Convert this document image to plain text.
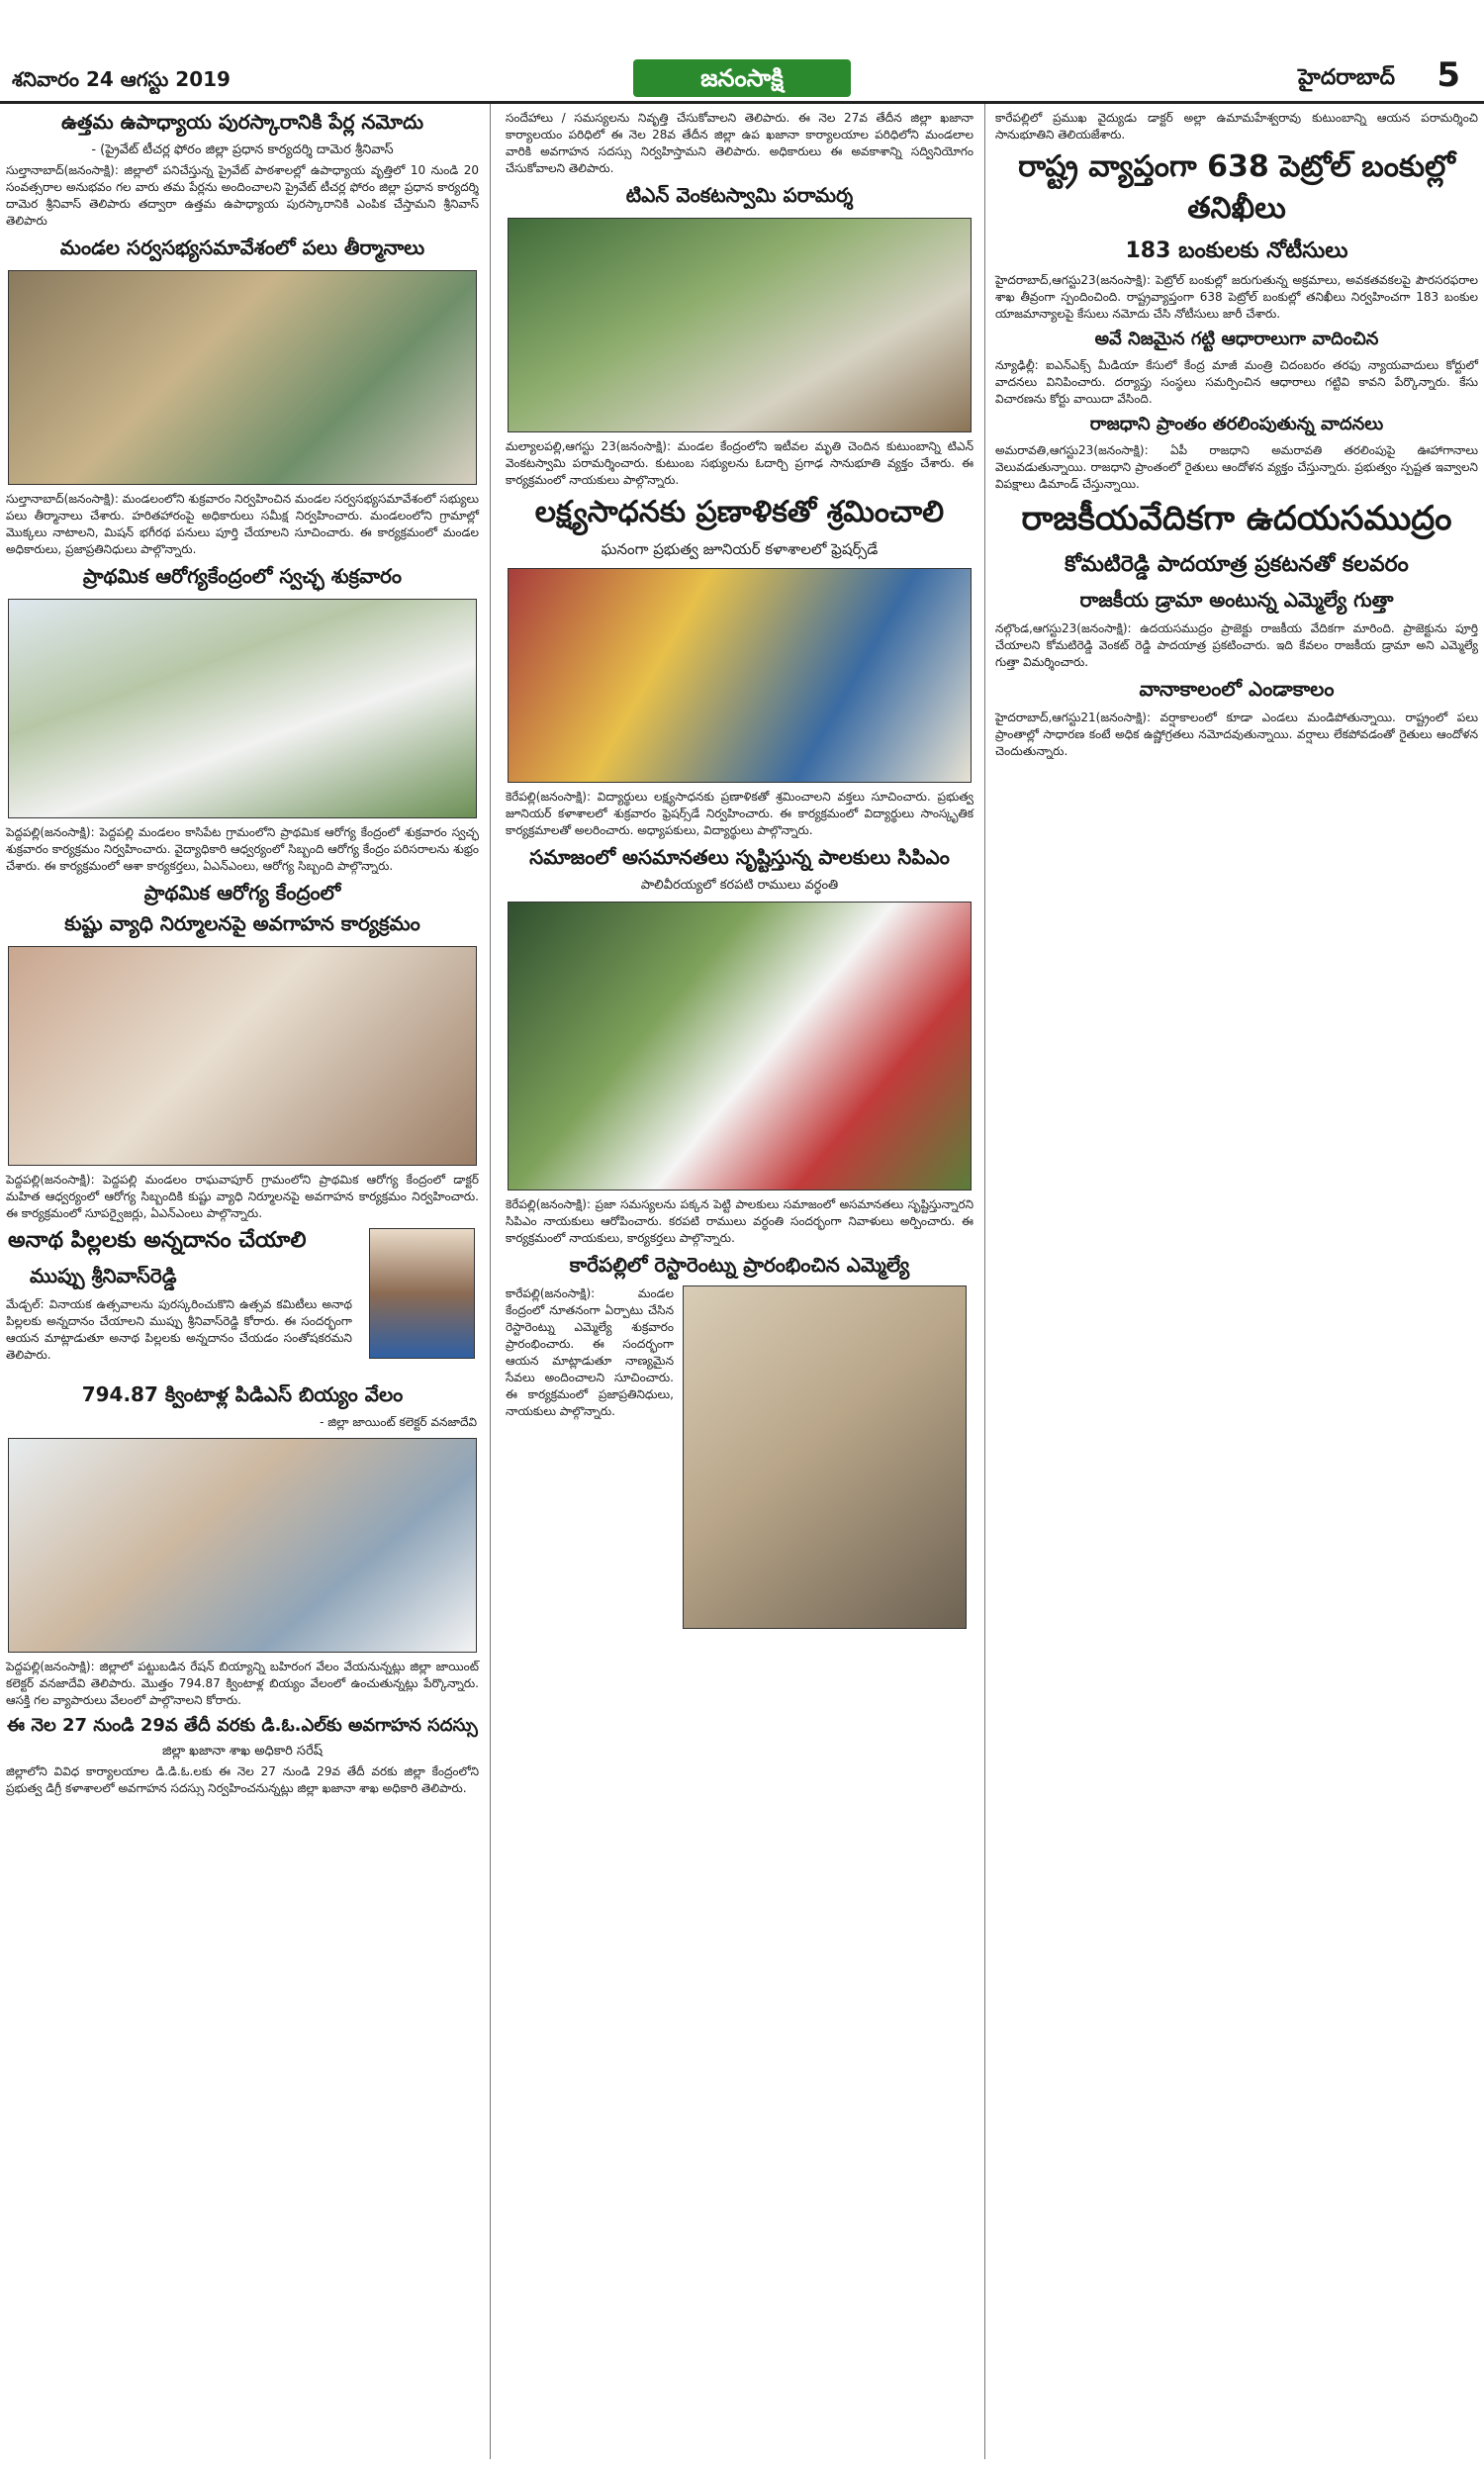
శనివారం 24 ఆగస్టు 2019	జనంసాక్షి	హైదరాబాద్ 5
ఉత్తమ ఉపాధ్యాయ పురస్కారానికి పేర్ల నమోదు
- (ప్రైవేట్ టీచర్ల ఫోరం జిల్లా ప్రధాన కార్యదర్శి దామెర శ్రీనివాస్
సుల్తానాబాద్(జనంసాక్షి): జిల్లాలో పనిచేస్తున్న ప్రైవేట్ పాఠశాలల్లో ఉపాధ్యాయ వృత్తిలో 10 నుండి 20 సంవత్సరాల అనుభవం గల వారు తమ పేర్లను అందించాలని ప్రైవేట్ టీచర్ల ఫోరం జిల్లా ప్రధాన కార్యదర్శి దామెర శ్రీనివాస్ తెలిపారు తద్వారా ఉత్తమ ఉపాధ్యాయ పురస్కారానికి ఎంపిక చేస్తామని శ్రీనివాస్ తెలిపారు
మండల సర్వసభ్యసమావేశంలో పలు తీర్మానాలు
సుల్తానాబాద్(జనంసాక్షి): మండలంలోని శుక్రవారం నిర్వహించిన మండల సర్వసభ్యసమావేశంలో సభ్యులు పలు తీర్మానాలు చేశారు. హరితహారంపై అధికారులు సమీక్ష నిర్వహించారు. మండలంలోని గ్రామాల్లో మొక్కలు నాటాలని, మిషన్ భగీరథ పనులు పూర్తి చేయాలని సూచించారు. ఈ కార్యక్రమంలో మండల అధికారులు, ప్రజాప్రతినిధులు పాల్గొన్నారు.
ప్రాథమిక ఆరోగ్యకేంద్రంలో స్వచ్ఛ శుక్రవారం
పెద్దపల్లి(జనంసాక్షి): పెద్దపల్లి మండలం కాసిపేట గ్రామంలోని ప్రాథమిక ఆరోగ్య కేంద్రంలో శుక్రవారం స్వచ్ఛ శుక్రవారం కార్యక్రమం నిర్వహించారు. వైద్యాధికారి ఆధ్వర్యంలో సిబ్బంది ఆరోగ్య కేంద్రం పరిసరాలను శుభ్రం చేశారు. ఈ కార్యక్రమంలో ఆశా కార్యకర్తలు, ఏఎన్ఎంలు, ఆరోగ్య సిబ్బంది పాల్గొన్నారు.
ప్రాథమిక ఆరోగ్య కేంద్రంలో
కుష్టు వ్యాధి నిర్మూలనపై అవగాహన కార్యక్రమం
పెద్దపల్లి(జనంసాక్షి): పెద్దపల్లి మండలం రాఘవాపూర్ గ్రామంలోని ప్రాథమిక ఆరోగ్య కేంద్రంలో డాక్టర్ మహిత ఆధ్వర్యంలో ఆరోగ్య సిబ్బందికి కుష్టు వ్యాధి నిర్మూలనపై అవగాహన కార్యక్రమం నిర్వహించారు. ఈ కార్యక్రమంలో సూపర్వైజర్లు, ఏఎన్ఎంలు పాల్గొన్నారు.
అనాథ పిల్లలకు అన్నదానం చేయాలి
ముప్పు శ్రీనివాస్‌రెడ్డి
మేడ్చల్: వినాయక ఉత్సవాలను పురస్కరించుకొని ఉత్సవ కమిటీలు అనాథ పిల్లలకు అన్నదానం చేయాలని ముప్పు శ్రీనివాస్‌రెడ్డి కోరారు. ఈ సందర్భంగా ఆయన మాట్లాడుతూ అనాథ పిల్లలకు అన్నదానం చేయడం సంతోషకరమని తెలిపారు.
794.87 క్వింటాళ్ల పిడిఎస్ బియ్యం వేలం
- జిల్లా జాయింట్ కలెక్టర్ వనజాదేవి
పెద్దపల్లి(జనంసాక్షి): జిల్లాలో పట్టుబడిన రేషన్ బియ్యాన్ని బహిరంగ వేలం వేయనున్నట్లు జిల్లా జాయింట్ కలెక్టర్ వనజాదేవి తెలిపారు. మొత్తం 794.87 క్వింటాళ్ల బియ్యం వేలంలో ఉంచుతున్నట్లు పేర్కొన్నారు. ఆసక్తి గల వ్యాపారులు వేలంలో పాల్గొనాలని కోరారు.
ఈ నెల 27 నుండి 29వ తేదీ వరకు డి.ఓ.ఎల్‌కు అవగాహన సదస్సు
జిల్లా ఖజానా శాఖ అధికారి సరేష్
జిల్లాలోని వివిధ కార్యాలయాల డి.డి.ఓ.లకు ఈ నెల 27 నుండి 29వ తేదీ వరకు జిల్లా కేంద్రంలోని ప్రభుత్వ డిగ్రీ కళాశాలలో అవగాహన సదస్సు నిర్వహించనున్నట్లు జిల్లా ఖజానా శాఖ అధికారి తెలిపారు.
సందేహాలు / సమస్యలను నివృత్తి చేసుకోవాలని తెలిపారు. ఈ నెల 27వ తేదీన జిల్లా ఖజానా కార్యాలయం పరిధిలో ఈ నెల 28వ తేదీన జిల్లా ఉప ఖజానా కార్యాలయాల పరిధిలోని మండలాల వారికి అవగాహన సదస్సు నిర్వహిస్తామని తెలిపారు. అధికారులు ఈ అవకాశాన్ని సద్వినియోగం చేసుకోవాలని తెలిపారు.
టిఎన్ వెంకటస్వామి పరామర్శ
మల్యాలపల్లి,ఆగస్టు 23(జనంసాక్షి): మండల కేంద్రంలోని ఇటీవల మృతి చెందిన కుటుంబాన్ని టిఎన్ వెంకటస్వామి పరామర్శించారు. కుటుంబ సభ్యులను ఓదార్చి ప్రగాఢ సానుభూతి వ్యక్తం చేశారు. ఈ కార్యక్రమంలో నాయకులు పాల్గొన్నారు.
లక్ష్యసాధనకు ప్రణాళికతో శ్రమించాలి
ఘనంగా ప్రభుత్వ జూనియర్ కళాశాలలో ఫ్రెషర్స్‌డే
కెరేపల్లి(జనంసాక్షి): విద్యార్థులు లక్ష్యసాధనకు ప్రణాళికతో శ్రమించాలని వక్తలు సూచించారు. ప్రభుత్వ జూనియర్ కళాశాలలో శుక్రవారం ఫ్రెషర్స్‌డే నిర్వహించారు. ఈ కార్యక్రమంలో విద్యార్థులు సాంస్కృతిక కార్యక్రమాలతో అలరించారు. అధ్యాపకులు, విద్యార్థులు పాల్గొన్నారు.
సమాజంలో అసమానతలు సృష్టిస్తున్న పాలకులు సిపిఎం
పాలివీరయ్యలో కరపటి రాములు వర్ధంతి
కెరేపల్లి(జనంసాక్షి): ప్రజా సమస్యలను పక్కన పెట్టి పాలకులు సమాజంలో అసమానతలు సృష్టిస్తున్నారని సిపిఎం నాయకులు ఆరోపించారు. కరపటి రాములు వర్ధంతి సందర్భంగా నివాళులు అర్పించారు. ఈ కార్యక్రమంలో నాయకులు, కార్యకర్తలు పాల్గొన్నారు.
కారేపల్లిలో రెస్టారెంట్ను ప్రారంభించిన ఎమ్మెల్యే
కారేపల్లి(జనంసాక్షి): మండల కేంద్రంలో నూతనంగా ఏర్పాటు చేసిన రెస్టారెంట్ను ఎమ్మెల్యే శుక్రవారం ప్రారంభించారు. ఈ సందర్భంగా ఆయన మాట్లాడుతూ నాణ్యమైన సేవలు అందించాలని సూచించారు. ఈ కార్యక్రమంలో ప్రజాప్రతినిధులు, నాయకులు పాల్గొన్నారు.
కారేపల్లిలో ప్రముఖ వైద్యుడు డాక్టర్ అల్లా ఉమామహేశ్వరావు కుటుంబాన్ని ఆయన పరామర్శించి సానుభూతిని తెలియజేశారు.
రాష్ట్ర వ్యాప్తంగా 638 పెట్రోల్ బంకుల్లో తనిఖీలు
183 బంకులకు నోటీసులు
హైదరాబాద్,ఆగస్టు23(జనంసాక్షి): పెట్రోల్ బంకుల్లో జరుగుతున్న అక్రమాలు, అవకతవకలపై పౌరసరఫరాల శాఖ తీవ్రంగా స్పందించింది. రాష్ట్రవ్యాప్తంగా 638 పెట్రోల్ బంకుల్లో తనిఖీలు నిర్వహించగా 183 బంకుల యాజమాన్యాలపై కేసులు నమోదు చేసి నోటీసులు జారీ చేశారు.
అవే నిజమైన గట్టి ఆధారాలుగా వాదించిన
న్యూఢిల్లీ: ఐఎన్ఎక్స్ మీడియా కేసులో కేంద్ర మాజీ మంత్రి చిదంబరం తరఫు న్యాయవాదులు కోర్టులో వాదనలు వినిపించారు. దర్యాప్తు సంస్థలు సమర్పించిన ఆధారాలు గట్టివి కావని పేర్కొన్నారు. కేసు విచారణను కోర్టు వాయిదా వేసింది.
రాజధాని ప్రాంతం తరలింపుతున్న వాదనలు
అమరావతి,ఆగస్టు23(జనంసాక్షి): ఏపీ రాజధాని అమరావతి తరలింపుపై ఊహాగానాలు వెలువడుతున్నాయి. రాజధాని ప్రాంతంలో రైతులు ఆందోళన వ్యక్తం చేస్తున్నారు. ప్రభుత్వం స్పష్టత ఇవ్వాలని విపక్షాలు డిమాండ్ చేస్తున్నాయి.
రాజకీయవేదికగా ఉదయసముద్రం
కోమటిరెడ్డి పాదయాత్ర ప్రకటనతో కలవరం
రాజకీయ డ్రామా అంటున్న ఎమ్మెల్యే గుత్తా
నల్గొండ,ఆగస్టు23(జనంసాక్షి): ఉదయసముద్రం ప్రాజెక్టు రాజకీయ వేదికగా మారింది. ప్రాజెక్టును పూర్తి చేయాలని కోమటిరెడ్డి వెంకట్ రెడ్డి పాదయాత్ర ప్రకటించారు. ఇది కేవలం రాజకీయ డ్రామా అని ఎమ్మెల్యే గుత్తా విమర్శించారు.
వానాకాలంలో ఎండాకాలం
హైదరాబాద్,ఆగస్టు21(జనంసాక్షి): వర్షాకాలంలో కూడా ఎండలు మండిపోతున్నాయి. రాష్ట్రంలో పలు ప్రాంతాల్లో సాధారణ కంటే అధిక ఉష్ణోగ్రతలు నమోదవుతున్నాయి. వర్షాలు లేకపోవడంతో రైతులు ఆందోళన చెందుతున్నారు.
